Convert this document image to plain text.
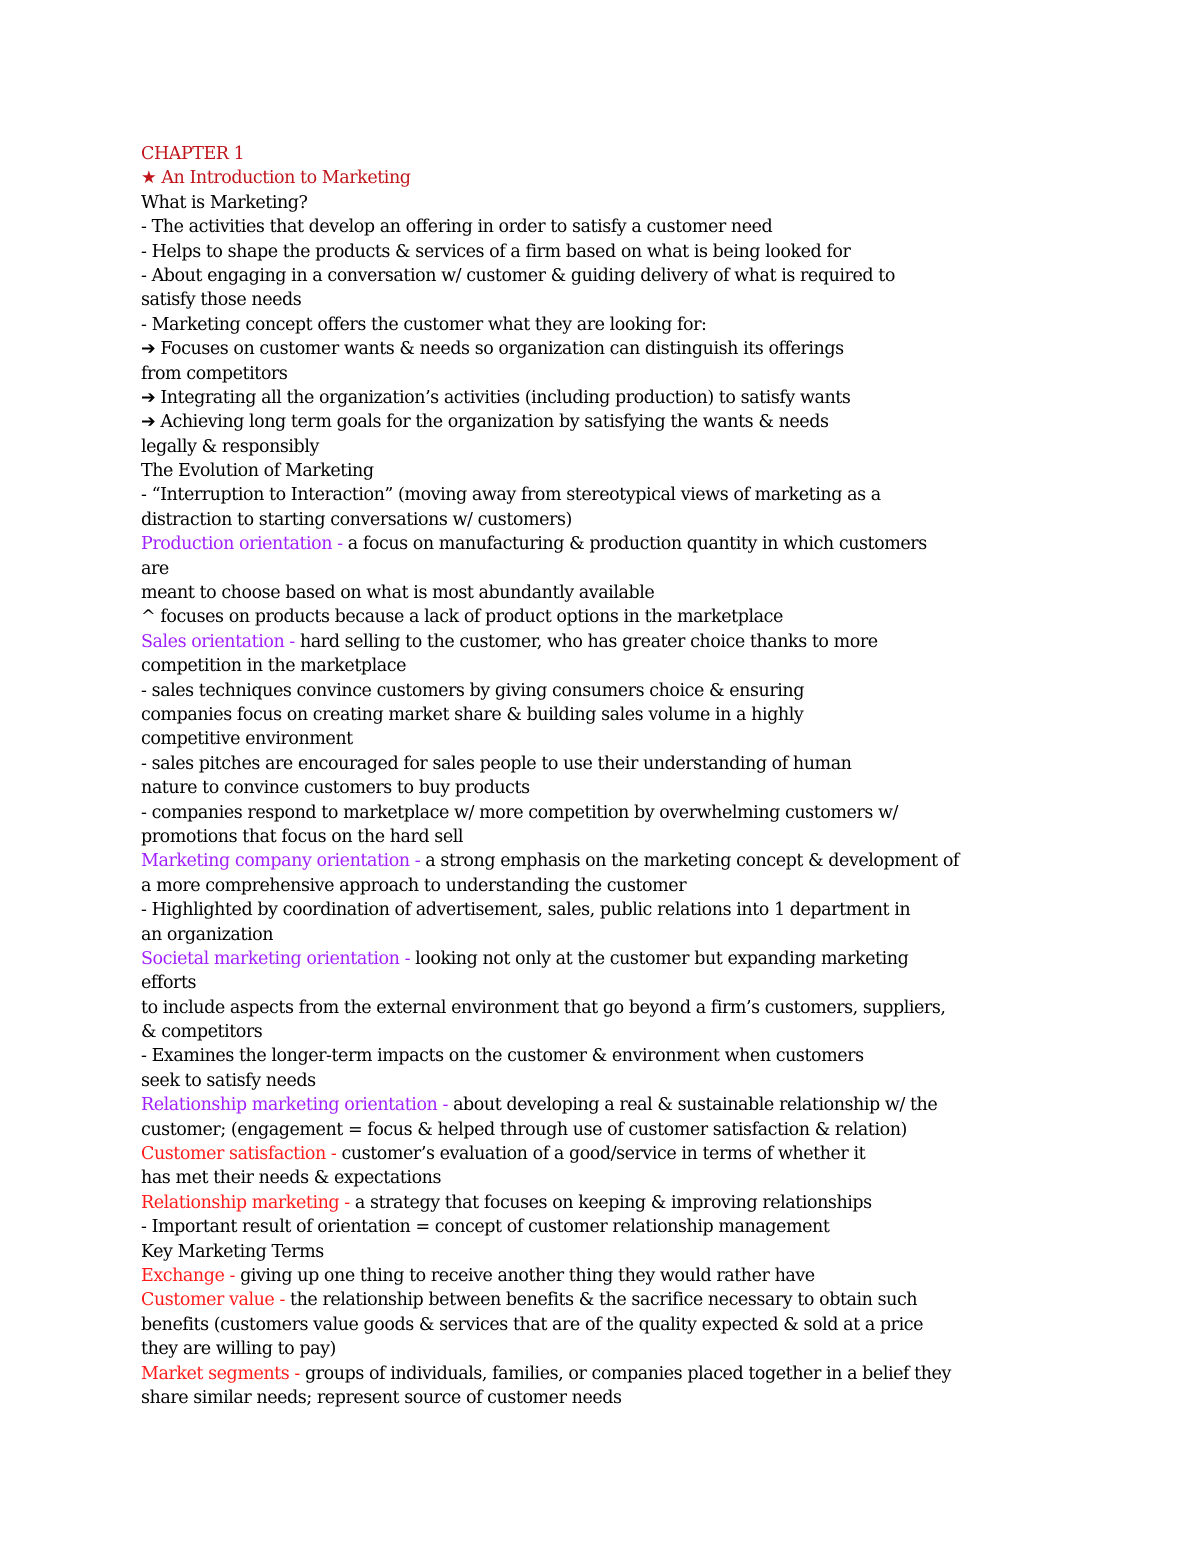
CHAPTER 1
★ An Introduction to Marketing
What is Marketing?
- The activities that develop an offering in order to satisfy a customer need
- Helps to shape the products & services of a firm based on what is being looked for
- About engaging in a conversation w/ customer & guiding delivery of what is required to
satisfy those needs
- Marketing concept offers the customer what they are looking for:
➔ Focuses on customer wants & needs so organization can distinguish its offerings
from competitors
➔ Integrating all the organization’s activities (including production) to satisfy wants
➔ Achieving long term goals for the organization by satisfying the wants & needs
legally & responsibly
The Evolution of Marketing
- “Interruption to Interaction” (moving away from stereotypical views of marketing as a
distraction to starting conversations w/ customers)
Production orientation - a focus on manufacturing & production quantity in which customers
are
meant to choose based on what is most abundantly available
^ focuses on products because a lack of product options in the marketplace
Sales orientation - hard selling to the customer, who has greater choice thanks to more
competition in the marketplace
- sales techniques convince customers by giving consumers choice & ensuring
companies focus on creating market share & building sales volume in a highly
competitive environment
- sales pitches are encouraged for sales people to use their understanding of human
nature to convince customers to buy products
- companies respond to marketplace w/ more competition by overwhelming customers w/
promotions that focus on the hard sell
Marketing company orientation - a strong emphasis on the marketing concept & development of
a more comprehensive approach to understanding the customer
- Highlighted by coordination of advertisement, sales, public relations into 1 department in
an organization
Societal marketing orientation - looking not only at the customer but expanding marketing
efforts
to include aspects from the external environment that go beyond a firm’s customers, suppliers,
& competitors
- Examines the longer-term impacts on the customer & environment when customers
seek to satisfy needs
Relationship marketing orientation - about developing a real & sustainable relationship w/ the
customer; (engagement = focus & helped through use of customer satisfaction & relation)
Customer satisfaction - customer’s evaluation of a good/service in terms of whether it
has met their needs & expectations
Relationship marketing - a strategy that focuses on keeping & improving relationships
- Important result of orientation = concept of customer relationship management
Key Marketing Terms
Exchange - giving up one thing to receive another thing they would rather have
Customer value - the relationship between benefits & the sacrifice necessary to obtain such
benefits (customers value goods & services that are of the quality expected & sold at a price
they are willing to pay)
Market segments - groups of individuals, families, or companies placed together in a belief they
share similar needs; represent source of customer needs
